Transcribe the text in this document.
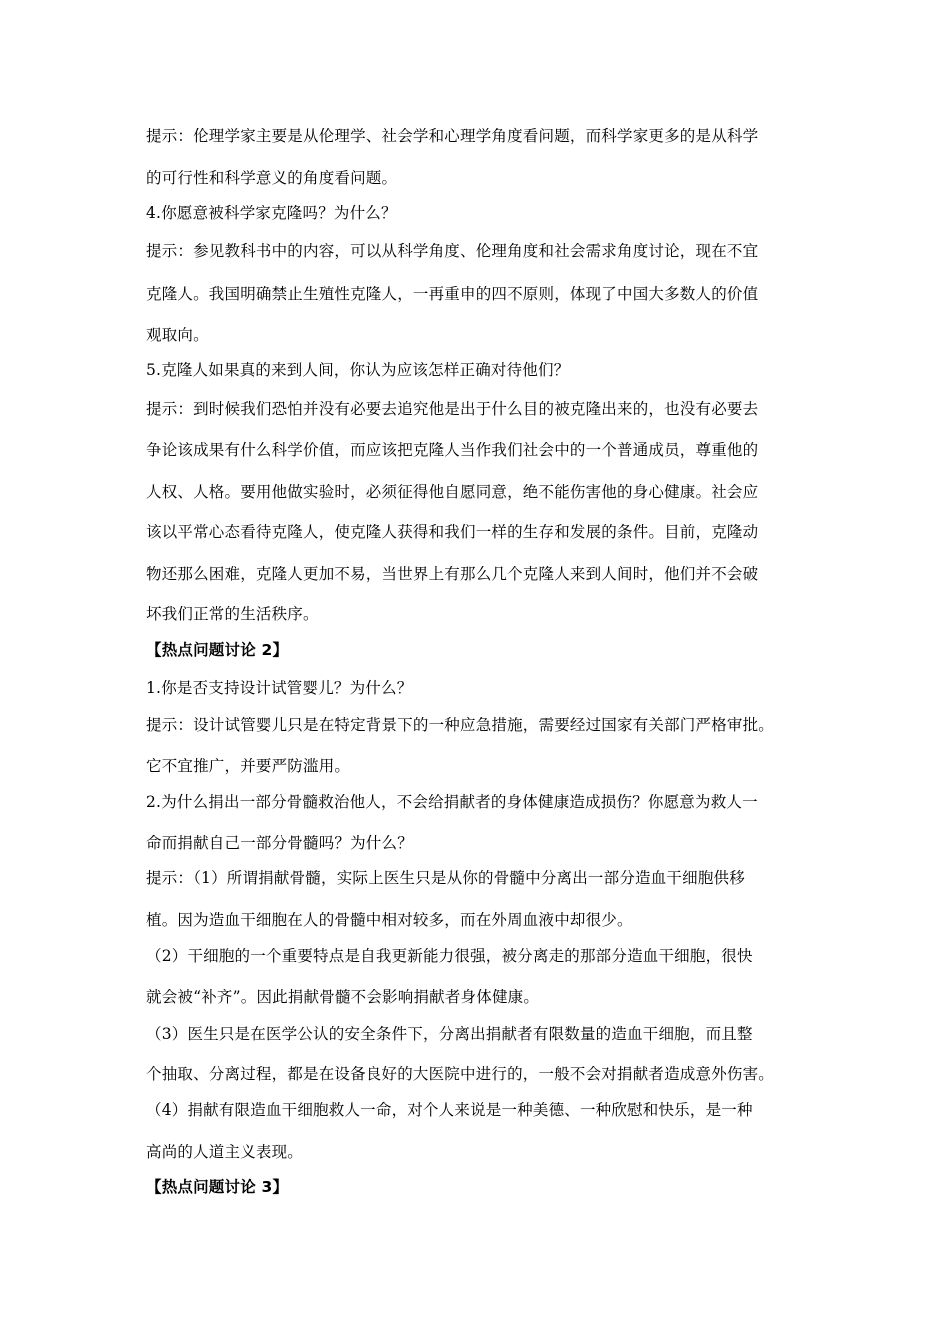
提示：伦理学家主要是从伦理学、社会学和心理学角度看问题，而科学家更多的是从科学
的可行性和科学意义的角度看问题。
4.你愿意被科学家克隆吗？为什么？
提示：参见教科书中的内容，可以从科学角度、伦理角度和社会需求角度讨论，现在不宜
克隆人。我国明确禁止生殖性克隆人，一再重申的四不原则，体现了中国大多数人的价值
观取向。
5.克隆人如果真的来到人间，你认为应该怎样正确对待他们？
提示：到时候我们恐怕并没有必要去追究他是出于什么目的被克隆出来的，也没有必要去
争论该成果有什么科学价值，而应该把克隆人当作我们社会中的一个普通成员，尊重他的
人权、人格。要用他做实验时，必须征得他自愿同意，绝不能伤害他的身心健康。社会应
该以平常心态看待克隆人，使克隆人获得和我们一样的生存和发展的条件。目前，克隆动
物还那么困难，克隆人更加不易，当世界上有那么几个克隆人来到人间时，他们并不会破
坏我们正常的生活秩序。
【热点问题讨论 2】
1.你是否支持设计试管婴儿？为什么？
提示：设计试管婴儿只是在特定背景下的一种应急措施，需要经过国家有关部门严格审批。
它不宜推广，并要严防滥用。
2.为什么捐出一部分骨髓救治他人，不会给捐献者的身体健康造成损伤？你愿意为救人一
命而捐献自己一部分骨髓吗？为什么？
提示：（1）所谓捐献骨髓，实际上医生只是从你的骨髓中分离出一部分造血干细胞供移
植。因为造血干细胞在人的骨髓中相对较多，而在外周血液中却很少。
（2）干细胞的一个重要特点是自我更新能力很强，被分离走的那部分造血干细胞，很快
就会被“补齐”。因此捐献骨髓不会影响捐献者身体健康。
（3）医生只是在医学公认的安全条件下，分离出捐献者有限数量的造血干细胞，而且整
个抽取、分离过程，都是在设备良好的大医院中进行的，一般不会对捐献者造成意外伤害。
（4）捐献有限造血干细胞救人一命，对个人来说是一种美德、一种欣慰和快乐，是一种
高尚的人道主义表现。
【热点问题讨论 3】
